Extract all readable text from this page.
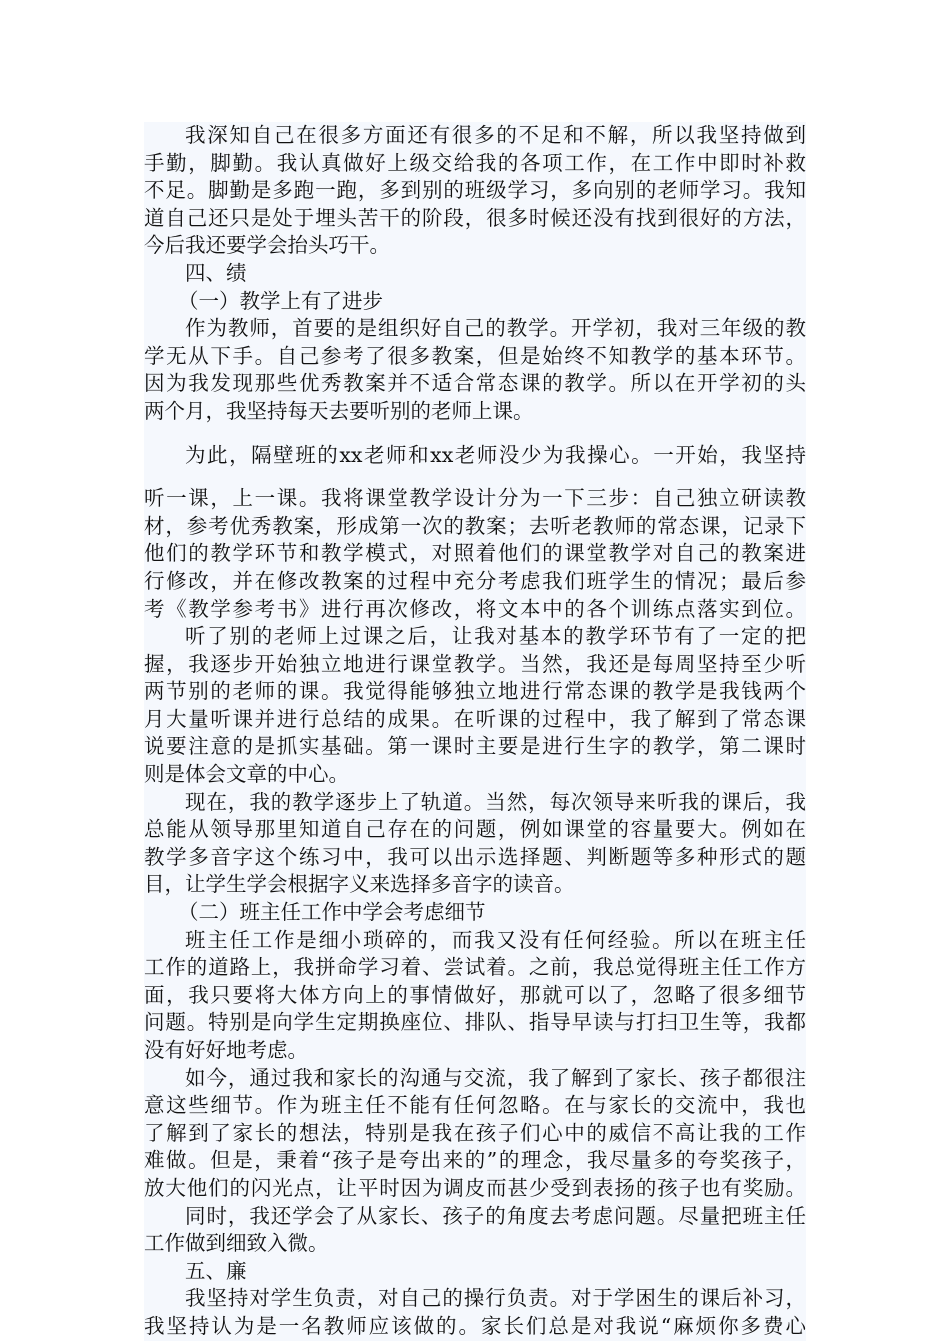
我深知自己在很多方面还有很多的不足和不解，所以我坚持做到
手勤，脚勤。我认真做好上级交给我的各项工作，在工作中即时补救
不足。脚勤是多跑一跑，多到别的班级学习，多向别的老师学习。我知
道自己还只是处于埋头苦干的阶段，很多时候还没有找到很好的方法，
今后我还要学会抬头巧干。
四、绩
（一）教学上有了进步
作为教师，首要的是组织好自己的教学。开学初，我对三年级的教
学无从下手。自己参考了很多教案，但是始终不知教学的基本环节。
因为我发现那些优秀教案并不适合常态课的教学。所以在开学初的头
两个月，我坚持每天去要听别的老师上课。
为此，隔壁班的xx老师和xx老师没少为我操心。一开始，我坚持
听一课，上一课。我将课堂教学设计分为一下三步：自己独立研读教
材，参考优秀教案，形成第一次的教案；去听老教师的常态课，记录下
他们的教学环节和教学模式，对照着他们的课堂教学对自己的教案进
行修改，并在修改教案的过程中充分考虑我们班学生的情况；最后参
考《教学参考书》进行再次修改，将文本中的各个训练点落实到位。
听了别的老师上过课之后，让我对基本的教学环节有了一定的把
握，我逐步开始独立地进行课堂教学。当然，我还是每周坚持至少听
两节别的老师的课。我觉得能够独立地进行常态课的教学是我钱两个
月大量听课并进行总结的成果。在听课的过程中，我了解到了常态课
说要注意的是抓实基础。第一课时主要是进行生字的教学，第二课时
则是体会文章的中心。
现在，我的教学逐步上了轨道。当然，每次领导来听我的课后，我
总能从领导那里知道自己存在的问题，例如课堂的容量要大。例如在
教学多音字这个练习中，我可以出示选择题、判断题等多种形式的题
目，让学生学会根据字义来选择多音字的读音。
（二）班主任工作中学会考虑细节
班主任工作是细小琐碎的，而我又没有任何经验。所以在班主任
工作的道路上，我拼命学习着、尝试着。之前，我总觉得班主任工作方
面，我只要将大体方向上的事情做好，那就可以了，忽略了很多细节
问题。特别是向学生定期换座位、排队、指导早读与打扫卫生等，我都
没有好好地考虑。
如今，通过我和家长的沟通与交流，我了解到了家长、孩子都很注
意这些细节。作为班主任不能有任何忽略。在与家长的交流中，我也
了解到了家长的想法，特别是我在孩子们心中的威信不高让我的工作
难做。但是，秉着“孩子是夸出来的”的理念，我尽量多的夸奖孩子，
放大他们的闪光点，让平时因为调皮而甚少受到表扬的孩子也有奖励。
同时，我还学会了从家长、孩子的角度去考虑问题。尽量把班主任
工作做到细致入微。
五、廉
我坚持对学生负责，对自己的操行负责。对于学困生的课后补习，
我坚持认为是一名教师应该做的。家长们总是对我说“麻烦你多费心
